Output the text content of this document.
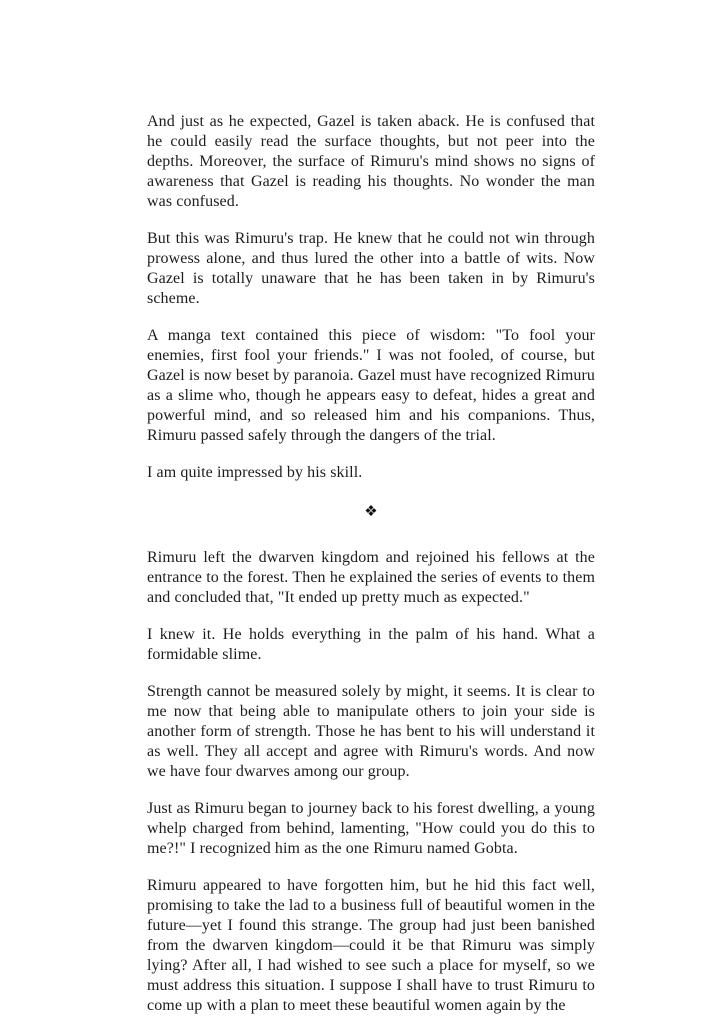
And just as he expected, Gazel is taken aback. He is confused that he could easily read the surface thoughts, but not peer into the depths. Moreover, the surface of Rimuru's mind shows no signs of awareness that Gazel is reading his thoughts. No wonder the man was confused.

But this was Rimuru's trap. He knew that he could not win through prowess alone, and thus lured the other into a battle of wits. Now Gazel is totally unaware that he has been taken in by Rimuru's scheme.

A manga text contained this piece of wisdom: "To fool your enemies, first fool your friends." I was not fooled, of course, but Gazel is now beset by paranoia. Gazel must have recognized Rimuru as a slime who, though he appears easy to defeat, hides a great and powerful mind, and so released him and his companions. Thus, Rimuru passed safely through the dangers of the trial.

I am quite impressed by his skill.

❖

Rimuru left the dwarven kingdom and rejoined his fellows at the entrance to the forest. Then he explained the series of events to them and concluded that, "It ended up pretty much as expected."

I knew it. He holds everything in the palm of his hand. What a formidable slime.

Strength cannot be measured solely by might, it seems. It is clear to me now that being able to manipulate others to join your side is another form of strength. Those he has bent to his will understand it as well. They all accept and agree with Rimuru's words. And now we have four dwarves among our group.

Just as Rimuru began to journey back to his forest dwelling, a young whelp charged from behind, lamenting, "How could you do this to me?!" I recognized him as the one Rimuru named Gobta.

Rimuru appeared to have forgotten him, but he hid this fact well, promising to take the lad to a business full of beautiful women in the future—yet I found this strange. The group had just been banished from the dwarven kingdom—could it be that Rimuru was simply lying? After all, I had wished to see such a place for myself, so we must address this situation. I suppose I shall have to trust Rimuru to come up with a plan to meet these beautiful women again by the
